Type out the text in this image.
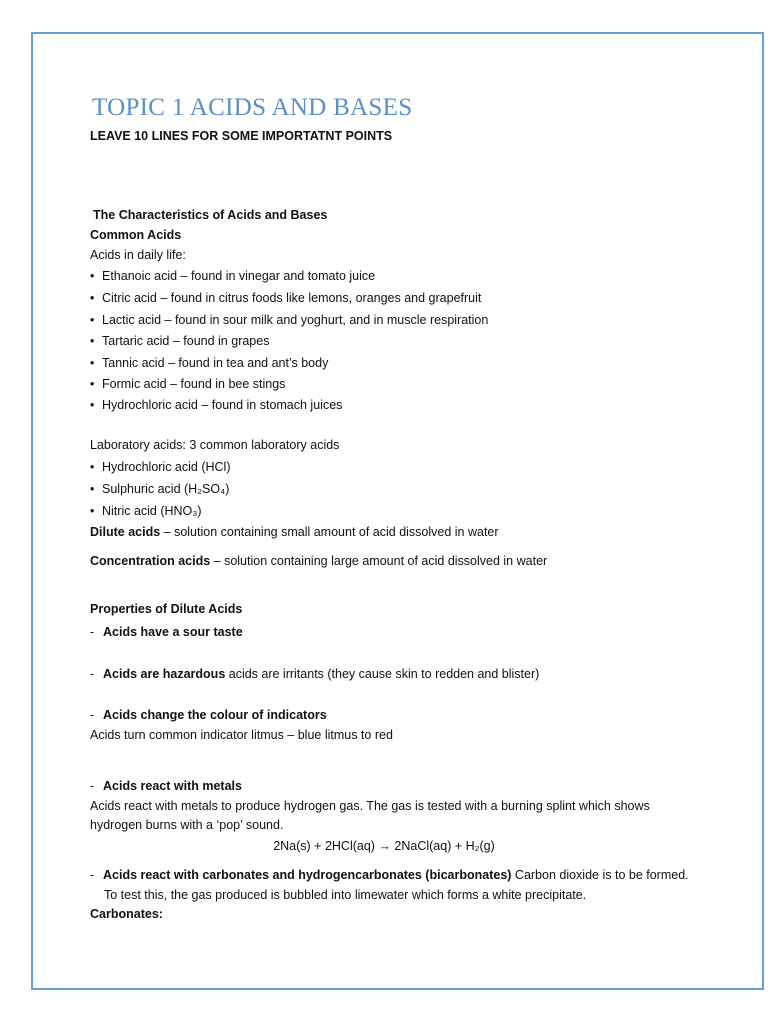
TOPIC 1 ACIDS AND BASES
LEAVE 10 LINES FOR SOME IMPORTATNT POINTS
The Characteristics of Acids and Bases
Common Acids
Acids in daily life:
• Ethanoic acid – found in vinegar and tomato juice
• Citric acid – found in citrus foods like lemons, oranges and grapefruit
• Lactic acid – found in sour milk and yoghurt, and in muscle respiration
• Tartaric acid – found in grapes
• Tannic acid – found in tea and ant’s body
• Formic acid – found in bee stings
• Hydrochloric acid – found in stomach juices
Laboratory acids: 3 common laboratory acids
• Hydrochloric acid (HCl)
• Sulphuric acid (H₂SO₄)
• Nitric acid (HNO₃)
Dilute acids – solution containing small amount of acid dissolved in water
Concentration acids – solution containing large amount of acid dissolved in water
Properties of Dilute Acids
- Acids have a sour taste
- Acids are hazardous acids are irritants (they cause skin to redden and blister)
- Acids change the colour of indicators
Acids turn common indicator litmus – blue litmus to red
- Acids react with metals
Acids react with metals to produce hydrogen gas. The gas is tested with a burning splint which shows
hydrogen burns with a ‘pop’ sound.
2Na(s) + 2HCl(aq) → 2NaCl(aq) + H₂(g)
- Acids react with carbonates and hydrogencarbonates (bicarbonates) Carbon dioxide is to be formed.
To test this, the gas produced is bubbled into limewater which forms a white precipitate.
Carbonates:
